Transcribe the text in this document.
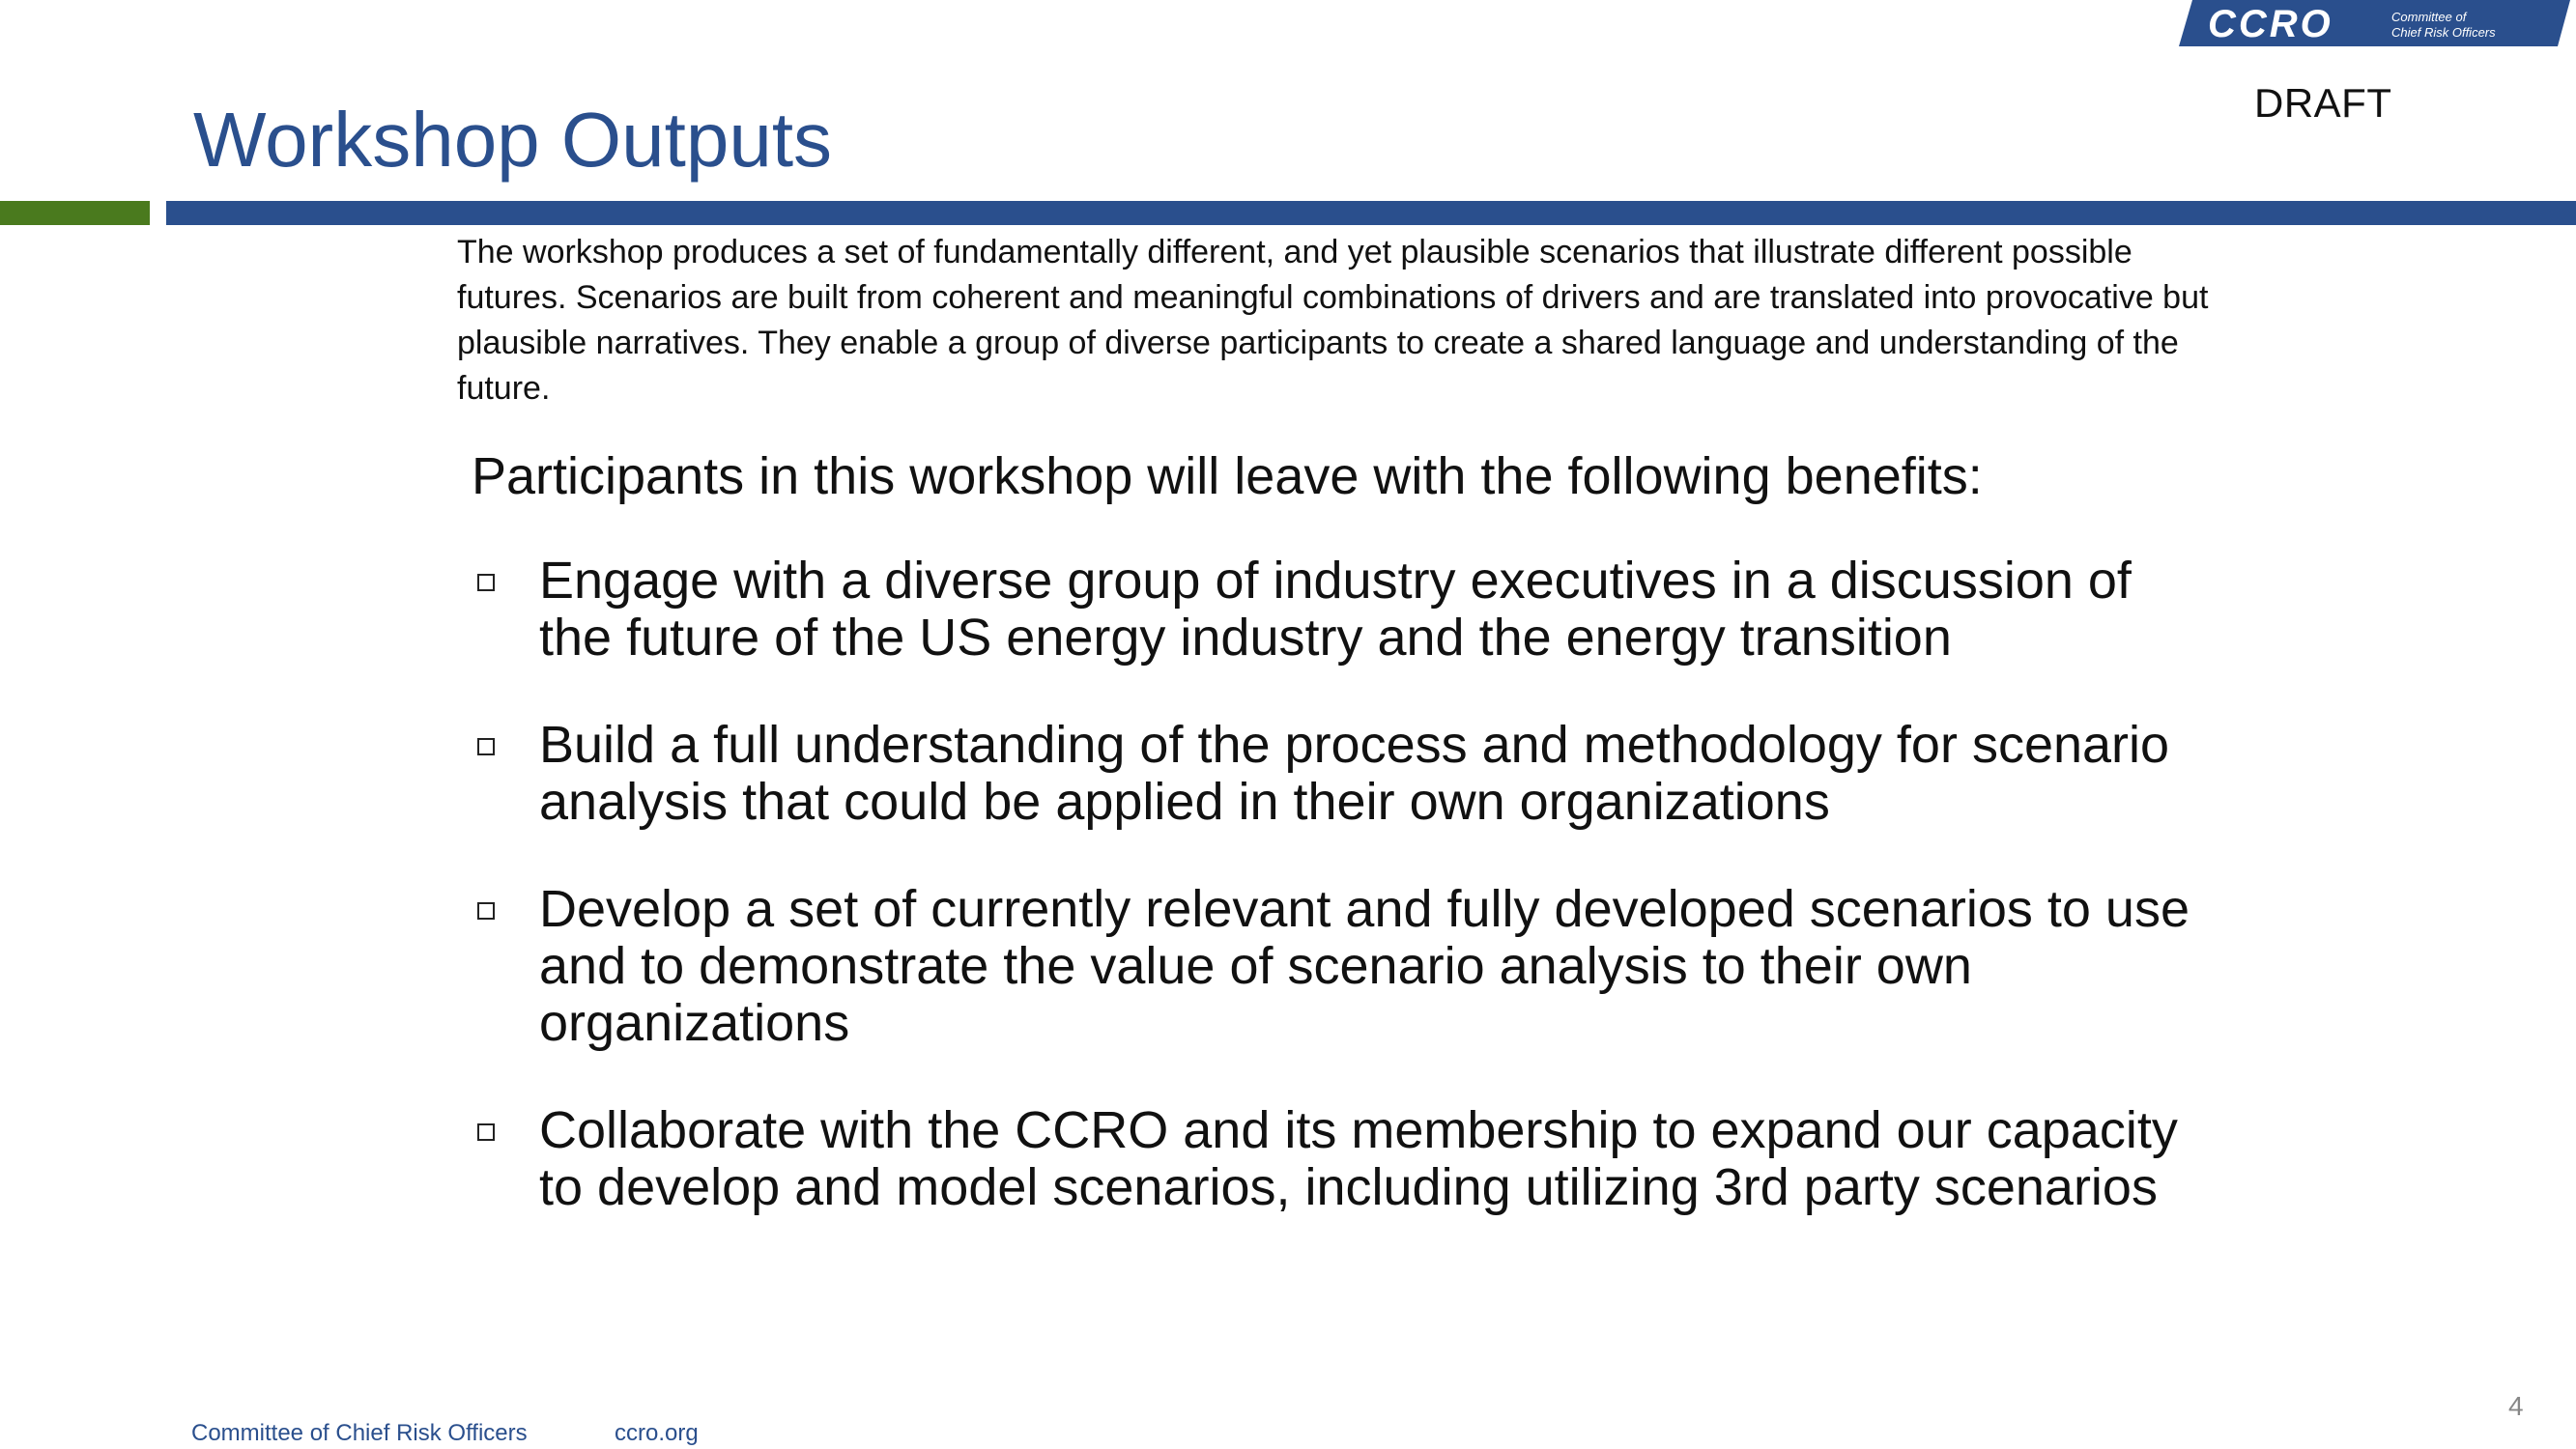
CCRO	Committee of
Chief Risk Officers
DRAFT
Workshop Outputs
The workshop produces a set of fundamentally different, and yet plausible scenarios that illustrate different possible futures. Scenarios are built from coherent and meaningful combinations of drivers and are translated into provocative but plausible narratives. They enable a group of diverse participants to create a shared language and understanding of the future.
Participants in this workshop will leave with the following benefits:
Engage with a diverse group of industry executives in a discussion of the future of the US energy industry and the energy transition
Build a full understanding of the process and methodology for scenario analysis that could be applied in their own organizations
Develop a set of currently relevant and fully developed scenarios to use and to demonstrate the value of scenario analysis to their own organizations
Collaborate with the CCRO and its membership to expand our capacity to develop and model scenarios, including utilizing 3rd party scenarios
Committee of Chief Risk Officers	ccro.org
4
